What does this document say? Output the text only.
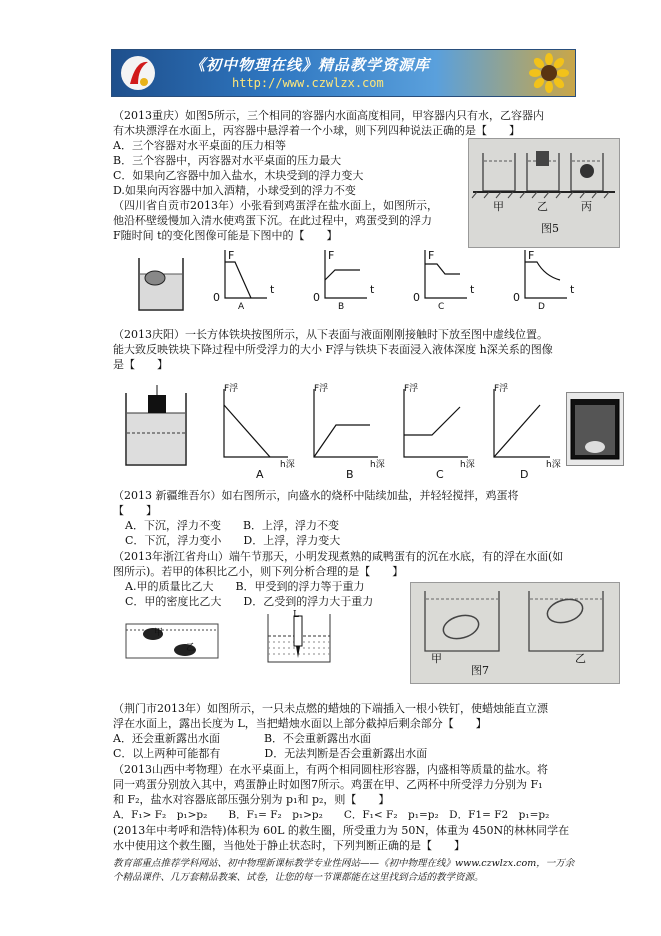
《初中物理在线》精品教学资源库
http://www.czwlzx.com
（2013重庆）如图5所示，三个相同的容器内水面高度相同，甲容器内只有水，乙容器内
有木块漂浮在水面上，丙容器中悬浮着一个小球，则下列四种说法正确的是【　　】
A．三个容器对水平桌面的压力相等
B．三个容器中，丙容器对水平桌面的压力最大
C．如果向乙容器中加入盐水，木块受到的浮力变大
D.如果向丙容器中加入酒精，小球受到的浮力不变
甲	乙	丙
图5
（四川省自贡市2013年）小张看到鸡蛋浮在盐水面上，如图所示，
他沿杯壁缓慢加入清水使鸡蛋下沉。在此过程中，鸡蛋受到的浮力
F随时间 t的变化图像可能是下图中的【　　】
F	F	F	F
0	0	0	0
t	t	t	t
A	B	C	D
（2013庆阳）一长方体铁块按图所示，从下表面与液面刚刚接触时下放至图中虚线位置。
能大致反映铁块下降过程中所受浮力的大小 F浮与铁块下表面浸入液体深度 h深关系的图像
是【　　】
F浮	F浮	F浮	F浮
h深	h深	h深	h深
A	B	C	D
（2013 新疆维吾尔）如右图所示，向盛水的烧杯中陆续加盐，并轻轻搅拌，鸡蛋将
【　　】
A．下沉，浮力不变　　B．上浮，浮力不变
C．下沉，浮力变小　　D．上浮，浮力变大
（2013年浙江省舟山）端午节那天，小明发现煮熟的咸鸭蛋有的沉在水底，有的浮在水面(如
图所示)。若甲的体积比乙小，则下列分析合理的是【　　】
A.甲的质量比乙大　　B．甲受到的浮力等于重力
C．甲的密度比乙大　　D．乙受到的浮力大于重力
甲
乙
L
甲	乙
图7
（荆门市2013年）如图所示，一只未点燃的蜡烛的下端插入一根小铁钉，使蜡烛能直立漂
浮在水面上，露出长度为 L，当把蜡烛水面以上部分截掉后剩余部分【　　】
A．还会重新露出水面　　　　B．不会重新露出水面
C．以上两种可能都有　　　　D．无法判断是否会重新露出水面
（2013山西中考物理）在水平桌面上，有两个相同圆柱形容器，内盛相等质量的盐水。将
同一鸡蛋分别放入其中，鸡蛋静止时如图7所示。鸡蛋在甲、乙两杯中所受浮力分别为 F₁
和 F₂，盐水对容器底部压强分别为 p₁和 p₂，则【　　】
A．F₁> F₂　p₁>p₂　　B．F₁= F₂　p₁>p₂　　C．F₁< F₂　p₁=p₂　D．F1= F2　p₁=p₂
(2013年中考呼和浩特)体积为 60L 的救生圈，所受重力为 50N，体重为 450N的林林同学在
水中使用这个救生圈，当他处于静止状态时，下列判断正确的是【　　】
教育部重点推荐学科网站、初中物理新课标教学专业性网站——《初中物理在线》www.czwlzx.com，一万余
个精品课件、几万套精品教案、试卷，让您的每一节课都能在这里找到合适的教学资源。
